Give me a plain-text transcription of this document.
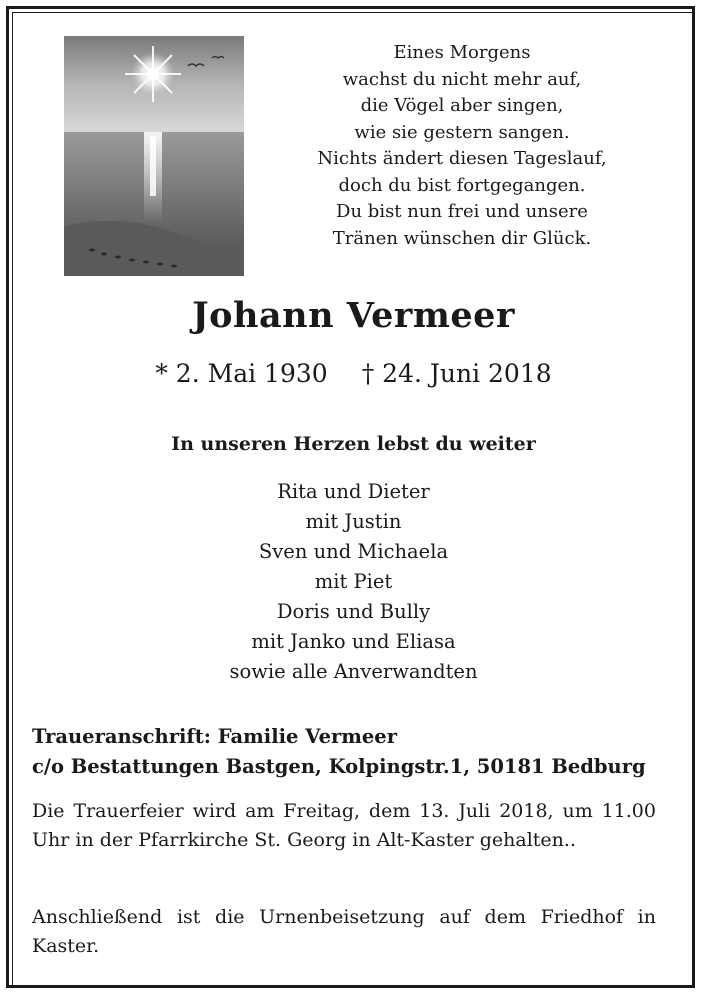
Eines Morgens
wachst du nicht mehr auf,
die Vögel aber singen,
wie sie gestern sangen.
Nichts ändert diesen Tageslauf,
doch du bist fortgegangen.
Du bist nun frei und unsere
Tränen wünschen dir Glück.
Johann Vermeer
* 2. Mai 1930 † 24. Juni 2018
In unseren Herzen lebst du weiter
Rita und Dieter
mit Justin
Sven und Michaela
mit Piet
Doris und Bully
mit Janko und Eliasa
sowie alle Anverwandten
Traueranschrift: Familie Vermeer
c/o Bestattungen Bastgen, Kolpingstr.1, 50181 Bedburg

Die Trauerfeier wird am Freitag, dem 13. Juli 2018, um 11.00 Uhr in der Pfarrkirche St. Georg in Alt-Kaster gehalten..

Anschließend ist die Urnenbeisetzung auf dem Friedhof in Kaster.
